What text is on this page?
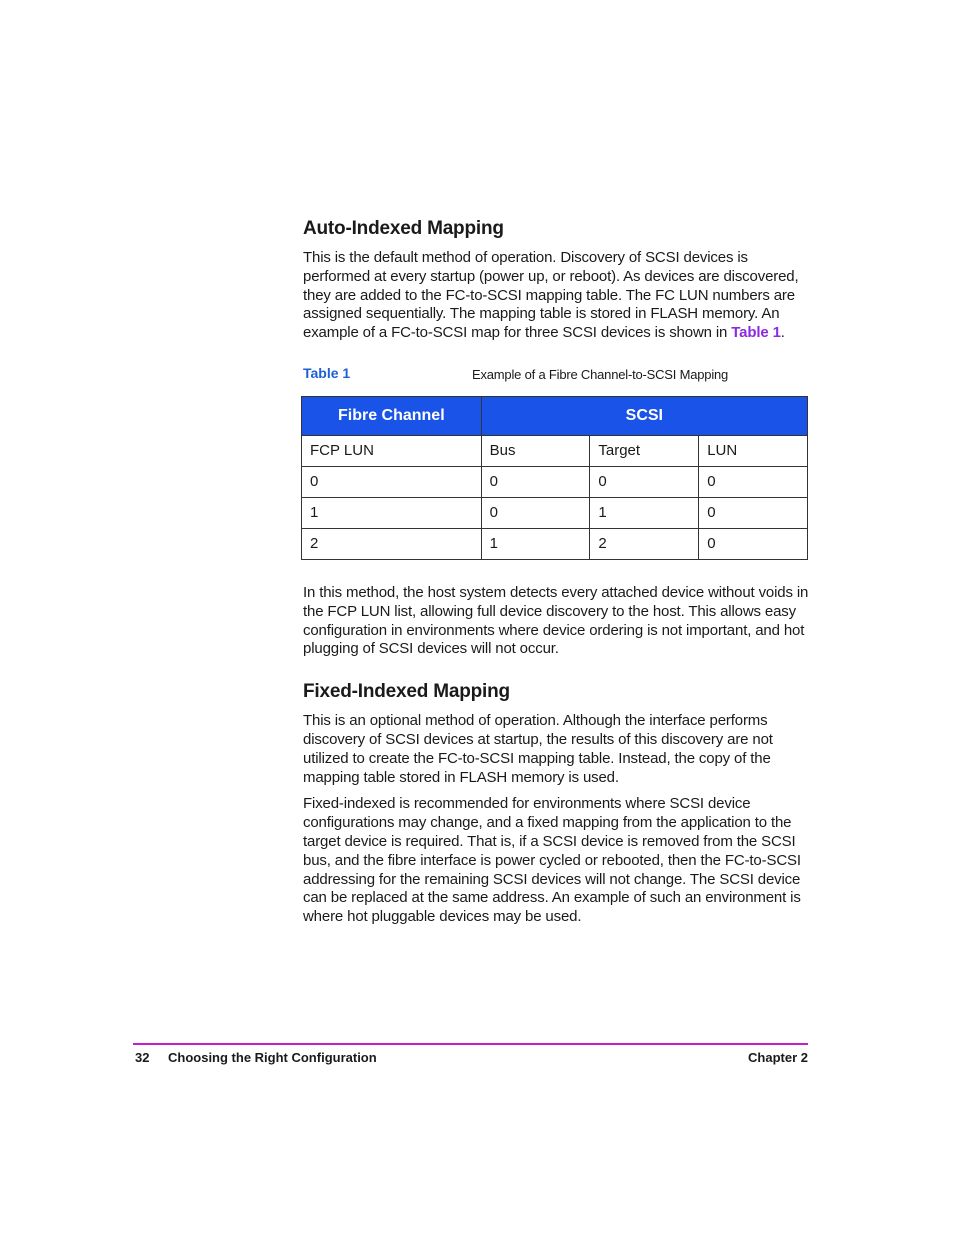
Auto-Indexed Mapping

This is the default method of operation. Discovery of SCSI devices is performed at every startup (power up, or reboot). As devices are discovered, they are added to the FC-to-SCSI mapping table. The FC LUN numbers are assigned sequentially. The mapping table is stored in FLASH memory. An example of a FC-to-SCSI map for three SCSI devices is shown in Table 1.

Table 1	Example of a Fibre Channel-to-SCSI Mapping
Fibre Channel	SCSI		
FCP LUN	Bus	Target	LUN
0	0	0	0
1	0	1	0
2	1	2	0

In this method, the host system detects every attached device without voids in the FCP LUN list, allowing full device discovery to the host. This allows easy configuration in environments where device ordering is not important, and hot plugging of SCSI devices will not occur.

Fixed-Indexed Mapping

This is an optional method of operation. Although the interface performs discovery of SCSI devices at startup, the results of this discovery are not utilized to create the FC-to-SCSI mapping table. Instead, the copy of the mapping table stored in FLASH memory is used.

Fixed-indexed is recommended for environments where SCSI device configurations may change, and a fixed mapping from the application to the target device is required. That is, if a SCSI device is removed from the SCSI bus, and the fibre interface is power cycled or rebooted, then the FC-to-SCSI addressing for the remaining SCSI devices will not change. The SCSI device can be replaced at the same address. An example of such an environment is where hot pluggable devices may be used.

32 Choosing the Right Configuration	Chapter 2
